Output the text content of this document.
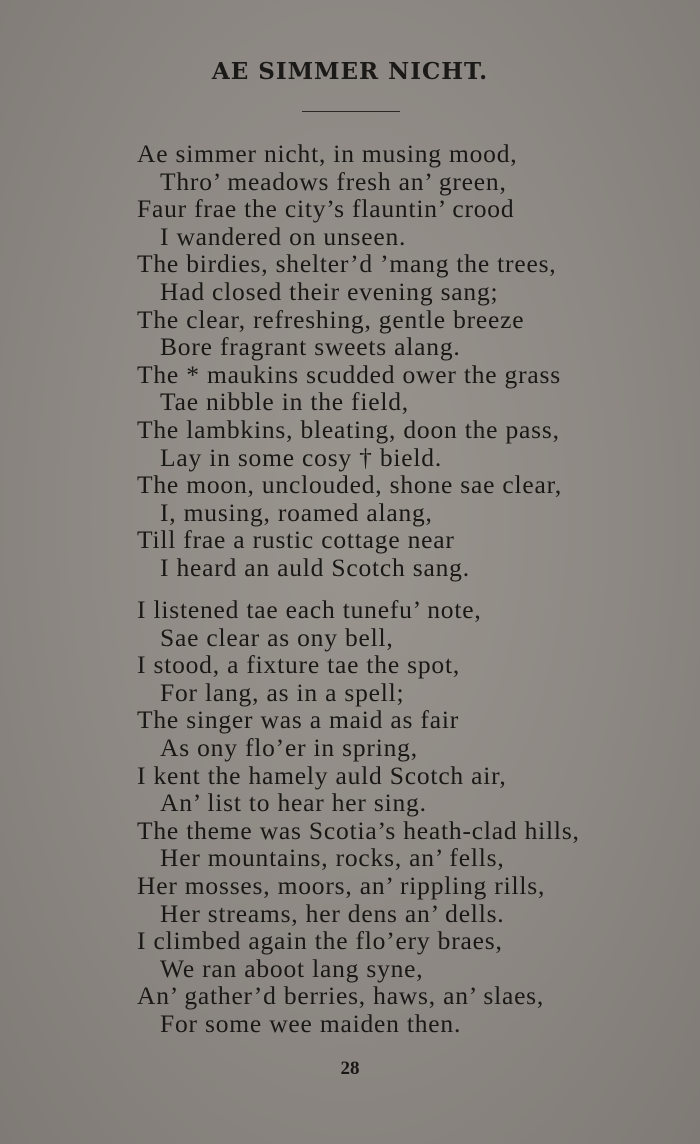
AE SIMMER NICHT.
Ae simmer nicht, in musing mood,
Thro’ meadows fresh an’ green,
Faur frae the city’s flauntin’ crood
I wandered on unseen.
The birdies, shelter’d ’mang the trees,
Had closed their evening sang;
The clear, refreshing, gentle breeze
Bore fragrant sweets alang.
The * maukins scudded ower the grass
Tae nibble in the field,
The lambkins, bleating, doon the pass,
Lay in some cosy † bield.
The moon, unclouded, shone sae clear,
I, musing, roamed alang,
Till frae a rustic cottage near
I heard an auld Scotch sang.
I listened tae each tunefu’ note,
Sae clear as ony bell,
I stood, a fixture tae the spot,
For lang, as in a spell;
The singer was a maid as fair
As ony flo’er in spring,
I kent the hamely auld Scotch air,
An’ list to hear her sing.
The theme was Scotia’s heath-clad hills,
Her mountains, rocks, an’ fells,
Her mosses, moors, an’ rippling rills,
Her streams, her dens an’ dells.
I climbed again the flo’ery braes,
We ran aboot lang syne,
An’ gather’d berries, haws, an’ slaes,
For some wee maiden then.
28
